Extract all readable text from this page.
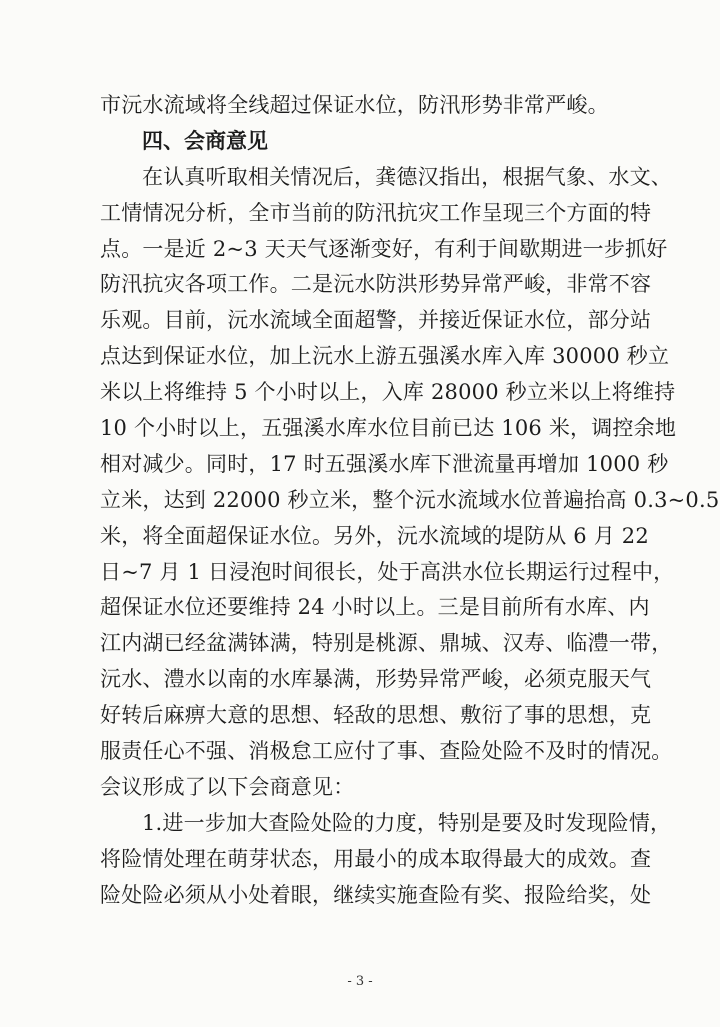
市沅水流域将全线超过保证水位，防汛形势非常严峻。
四、会商意见
在认真听取相关情况后，龚德汉指出，根据气象、水文、
工情情况分析，全市当前的防汛抗灾工作呈现三个方面的特
点。一是近 2~3 天天气逐渐变好，有利于间歇期进一步抓好
防汛抗灾各项工作。二是沅水防洪形势异常严峻，非常不容
乐观。目前，沅水流域全面超警，并接近保证水位，部分站
点达到保证水位，加上沅水上游五强溪水库入库 30000 秒立
米以上将维持 5 个小时以上，入库 28000 秒立米以上将维持
10 个小时以上，五强溪水库水位目前已达 106 米，调控余地
相对减少。同时，17 时五强溪水库下泄流量再增加 1000 秒
立米，达到 22000 秒立米，整个沅水流域水位普遍抬高 0.3~0.5
米，将全面超保证水位。另外，沅水流域的堤防从 6 月 22
日~7 月 1 日浸泡时间很长，处于高洪水位长期运行过程中，
超保证水位还要维持 24 小时以上。三是目前所有水库、内
江内湖已经盆满钵满，特别是桃源、鼎城、汉寿、临澧一带，
沅水、澧水以南的水库暴满，形势异常严峻，必须克服天气
好转后麻痹大意的思想、轻敌的思想、敷衍了事的思想，克
服责任心不强、消极怠工应付了事、查险处险不及时的情况。
会议形成了以下会商意见：
1.进一步加大查险处险的力度，特别是要及时发现险情，
将险情处理在萌芽状态，用最小的成本取得最大的成效。查
险处险必须从小处着眼，继续实施查险有奖、报险给奖，处
- 3 -
